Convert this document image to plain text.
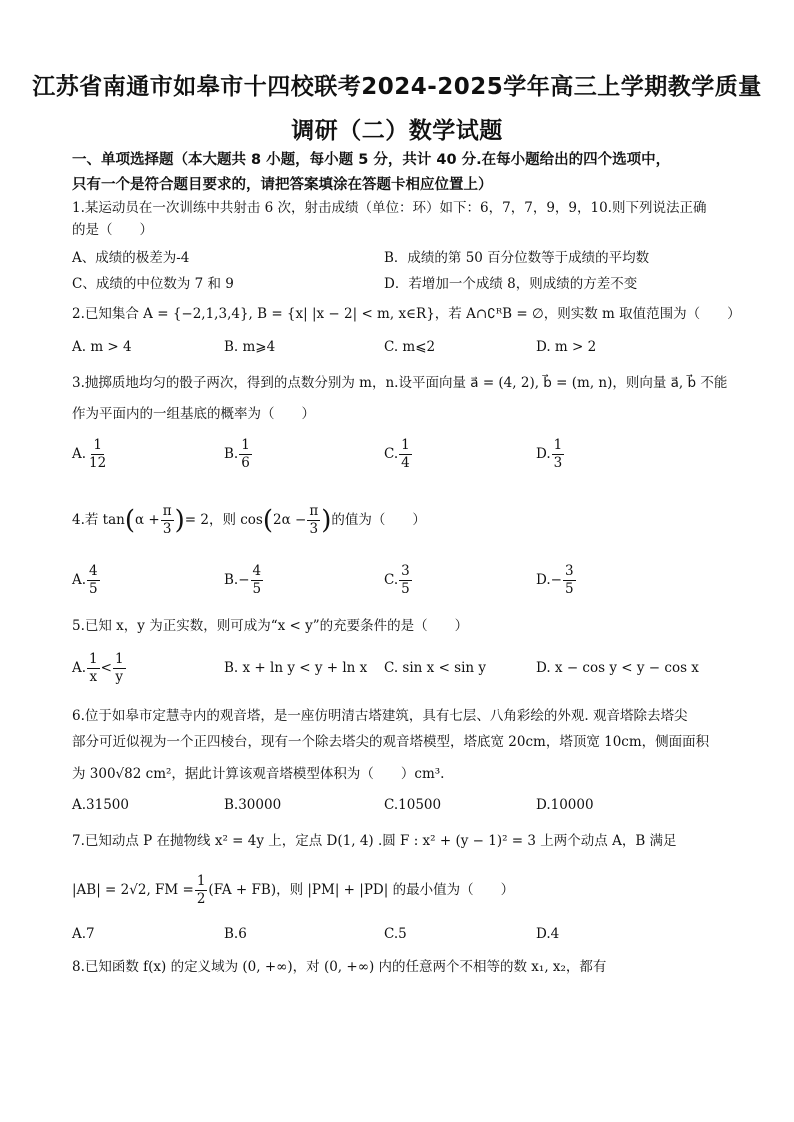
江苏省南通市如皋市十四校联考2024-2025学年高三上学期教学质量
调研（二）数学试题
一、单项选择题（本大题共 8 小题，每小题 5 分，共计 40 分.在每小题给出的四个选项中，
只有一个是符合题目要求的，请把答案填涂在答题卡相应位置上）
1.某运动员在一次训练中共射击 6 次，射击成绩（单位：环）如下：6，7，7，9，9，10.则下列说法正确
的是（　　）
A、成绩的极差为-4	B．成绩的第 50 百分位数等于成绩的平均数
C、成绩的中位数为 7 和 9	D．若增加一个成绩 8，则成绩的方差不变
2.已知集合 A = {−2,1,3,4}, B = {x| |x − 2| < m, x∈R}，若 A∩∁ᴿB = ∅，则实数 m 取值范围为（　　）
A. m > 4	B. m⩾4	C. m⩽2	D. m > 2
3.抛掷质地均匀的骰子两次，得到的点数分别为 m，n.设平面向量 a⃗ = (4, 2), b⃗ = (m, n)，则向量 a⃗, b⃗ 不能
作为平面内的一组基底的概率为（　　）
A. $\frac{1}{12}$	B. $\frac{1}{6}$	C. $\frac{1}{4}$	D. $\frac{1}{3}$
4.若 $\tan(\alpha + \frac{\pi}{3}$ )= 2，则 $\cos(2\alpha - \frac{\pi}{3}$ )的值为（　　）
A. $\frac{4}{5}$	$B.- \frac{4}{5}$	C. $\frac{3}{5}$	$D.- \frac{3}{5}$
5.已知 x，y 为正实数，则可成为“x < y”的充要条件的是（　　）
A. $\frac{1}{x} < \frac{1}{y}$	B. x + ln y < y + ln x C. sin x < sin y	D. x − cos y < y − cos x
6.位于如皋市定慧寺内的观音塔，是一座仿明清古塔建筑，具有七层、八角彩绘的外观. 观音塔除去塔尖
部分可近似视为一个正四棱台，现有一个除去塔尖的观音塔模型，塔底宽 20cm，塔顶宽 10cm，侧面面积
为 300√82 cm²，据此计算该观音塔模型体积为（　　）cm³.
A.31500	B.30000	C.10500	D.10000
7.已知动点 P 在抛物线 x² = 4y 上，定点 D(1, 4) .圆 F : x² + (y − 1)² = 3 上两个动点 A，B 满足
|AB| = 2√2, FM = $\frac{1}{2} (FA + FB)$，则 |PM| + |PD| 的最小值为（　　）
A.7	B.6	C.5	D.4
8.已知函数 f(x) 的定义域为 (0, +∞)，对 (0, +∞) 内的任意两个不相等的数 x₁, x₂，都有
